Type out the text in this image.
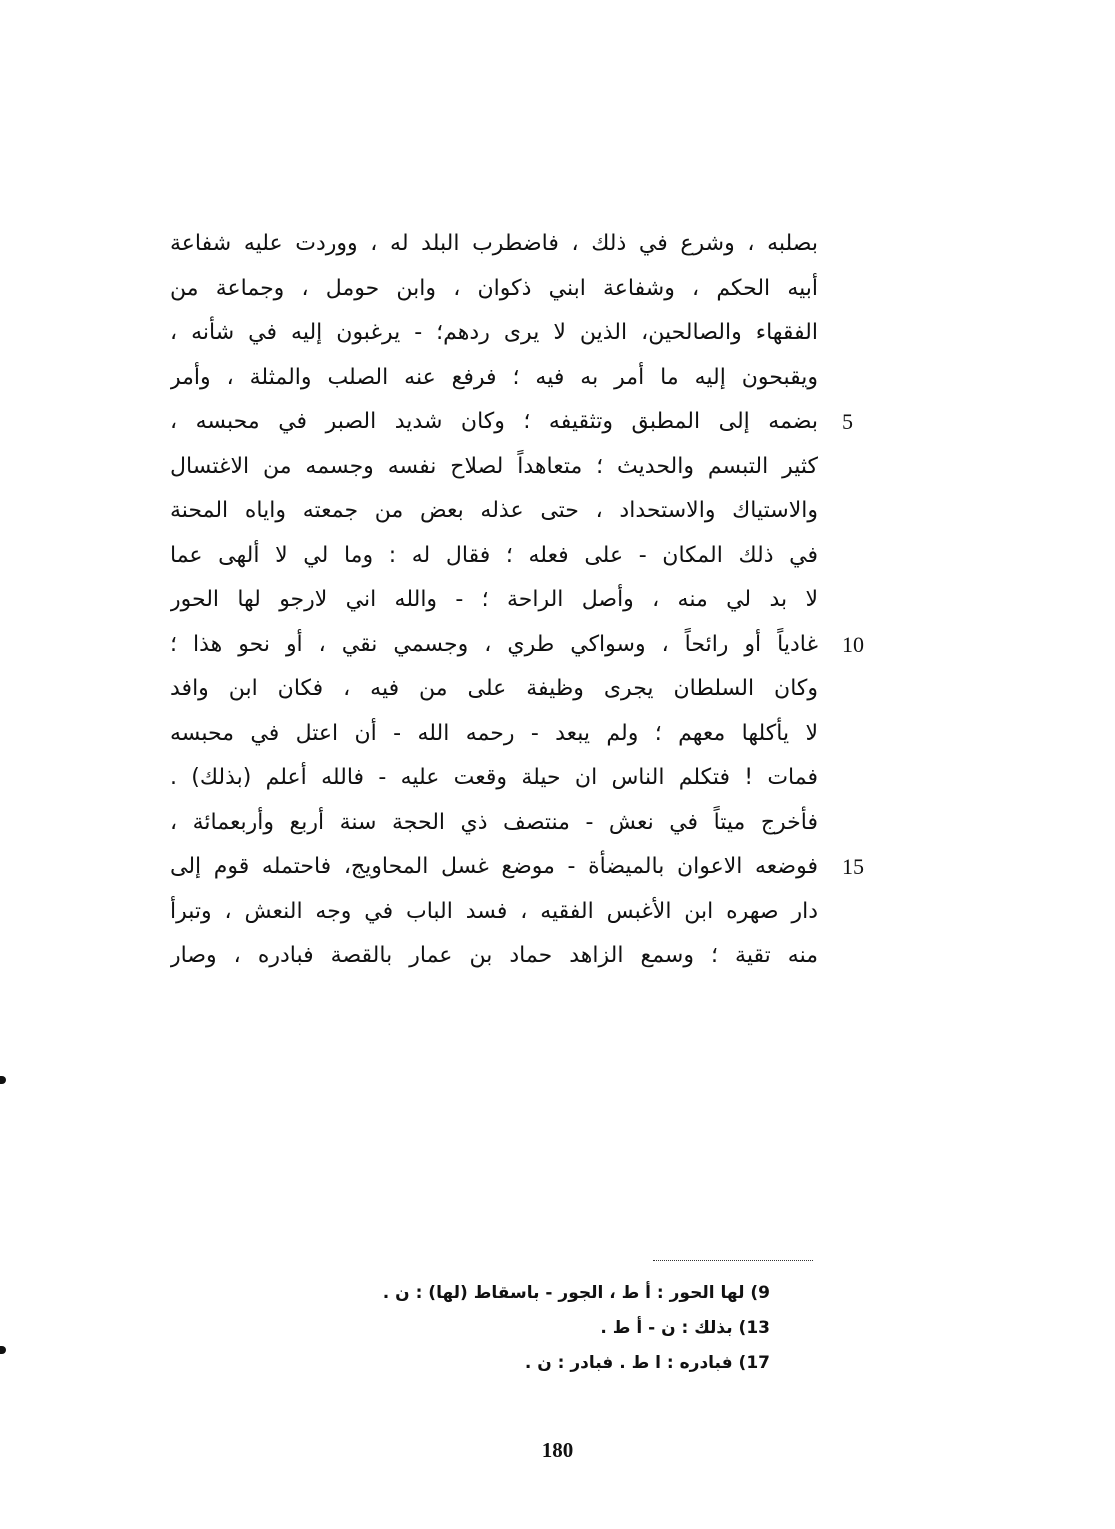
بصلبه ، وشرع في ذلك ، فاضطرب البلد له ، ووردت عليه شفاعة
أبيه الحكم ، وشفاعة ابني ذكوان ، وابن حومل ، وجماعة من
الفقهاء والصالحين، الذين لا يرى ردهم؛ - يرغبون إليه في شأنه ،
ويقبحون إليه ما أمر به فيه ؛ فرفع عنه الصلب والمثلة ، وأمر
بضمه إلى المطبق وتثقيفه ؛ وكان شديد الصبر في محبسه ، 5
كثير التبسم والحديث ؛ متعاهداً لصلاح نفسه وجسمه من الاغتسال
والاستياك والاستحداد ، حتى عذله بعض من جمعته واياه المحنة
في ذلك المكان - على فعله ؛ فقال له : وما لي لا ألهى عما
لا بد لي منه ، وأصل الراحة ؛ - والله اني لارجو لها الحور
غادياً أو رائحاً ، وسواكي طري ، وجسمي نقي ، أو نحو هذا ؛ 10
وكان السلطان يجرى وظيفة على من فيه ، فكان ابن وافد
لا يأكلها معهم ؛ ولم يبعد - رحمه الله - أن اعتل في محبسه
فمات ! فتكلم الناس ان حيلة وقعت عليه - فالله أعلم (بذلك) .
فأخرج ميتاً في نعش - منتصف ذي الحجة سنة أربع وأربعمائة ،
فوضعه الاعوان بالميضأة - موضع غسل المحاويج، فاحتمله قوم إلى 15
دار صهره ابن الأغبس الفقيه ، فسد الباب في وجه النعش ، وتبرأ
منه تقية ؛ وسمع الزاهد حماد بن عمار بالقصة فبادره ، وصار
9) لها الحور : أ ط ، الجور - باسقاط (لها) : ن .
13) بذلك : ن - أ ط .
17) فبادره : ا ط . فبادر : ن .
180
